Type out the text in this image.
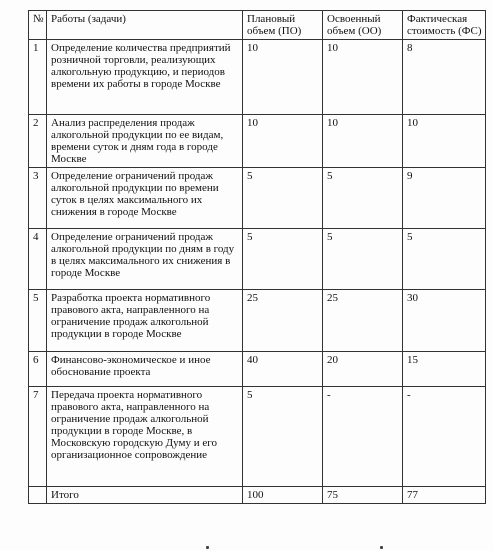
№	Работы (задачи)	Плановый объем (ПО)	Освоенный объем (ОО)	Фактическая стоимость (ФС)
1	Определение количества предприятий розничной торговли, реализующих алкогольную продукцию, и периодов времени их работы в городе Москве	10	10	8
2	Анализ распределения продаж алкогольной продукции по ее видам, времени суток и дням года в городе Москве	10	10	10
3	Определение ограничений продаж алкогольной продукции по времени суток в целях максимального их снижения в городе Москве	5	5	9
4	Определение ограничений продаж алкогольной продукции по дням в году в целях максимального их снижения в городе Москве	5	5	5
5	Разработка проекта нормативного правового акта, направленного на ограничение продаж алкогольной продукции в городе Москве	25	25	30
6	Финансово-экономическое и иное обоснование проекта	40	20	15
7	Передача проекта нормативного правового акта, направленного на ограничение продаж алкогольной продукции в городе Москве, в Московскую городскую Думу и его организационное сопровождение	5	-	-
	Итого	100	75	77
